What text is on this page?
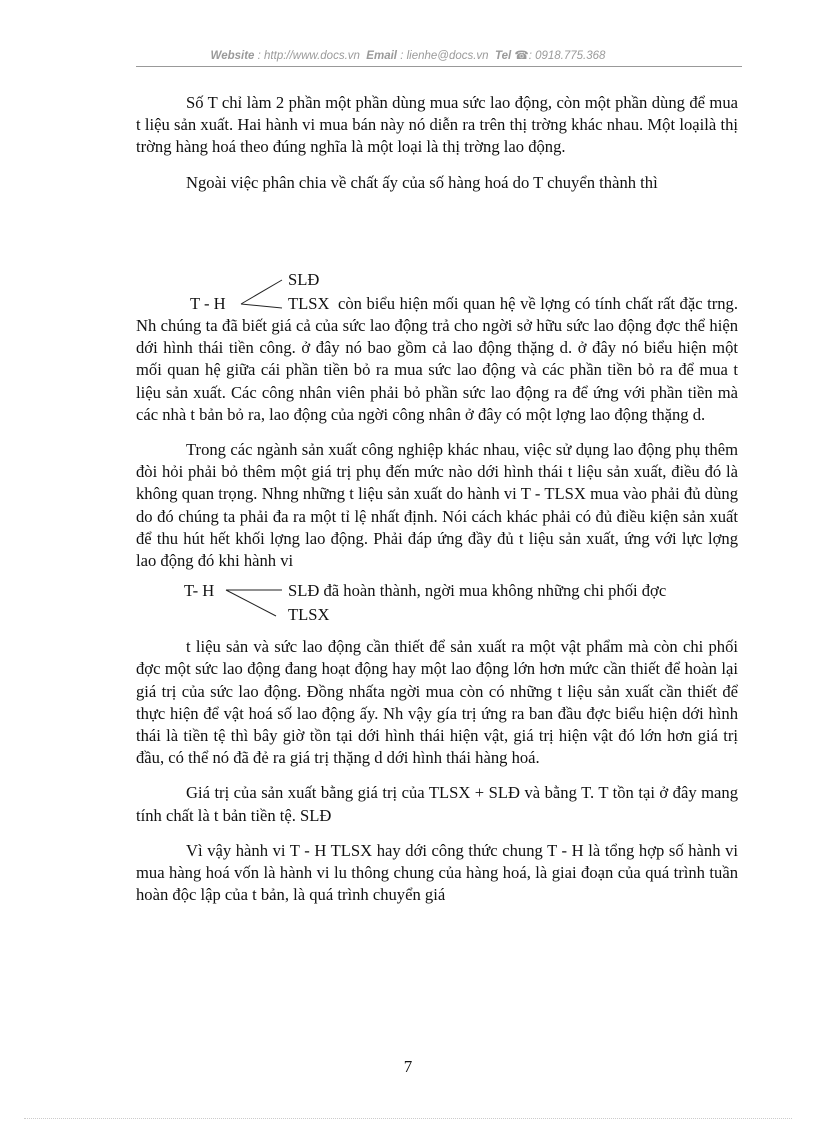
Website : http://www.docs.vn Email : lienhe@docs.vn Tel ☎: 0918.775.368

Số T chỉ làm 2 phần một phần dùng mua sức lao động, còn một phần dùng để mua t liệu sản xuất. Hai hành vi mua bán này nó diễn ra trên thị trờng khác nhau. Một loạilà thị trờng hàng hoá theo đúng nghĩa là một loại là thị trờng lao động.

Ngoài việc phân chia về chất ấy của số hàng hoá do T chuyển thành thì

SLĐ
T - H	TLSX còn biểu hiện mối quan hệ về lợng có tính chất rất đặc trng. Nh chúng ta đã biết giá cả của sức lao động trả cho ngời sở hữu sức lao động đợc thể hiện dới hình thái tiền công. ở đây nó bao gồm cả lao động thặng d. ở đây nó biểu hiện một mối quan hệ giữa cái phần tiền bỏ ra mua sức lao động và các phần tiền bỏ ra để mua t liệu sản xuất. Các công nhân viên phải bỏ phần sức lao động ra để ứng với phần tiền mà các nhà t bản bỏ ra, lao động của ngời công nhân ở đây có một lợng lao động thặng d.

Trong các ngành sản xuất công nghiệp khác nhau, việc sử dụng lao động phụ thêm đòi hỏi phải bỏ thêm một giá trị phụ đến mức nào dới hình thái t liệu sản xuất, điều đó là không quan trọng. Nhng những t liệu sản xuất do hành vi T - TLSX mua vào phải đủ dùng do đó chúng ta phải đa ra một tỉ lệ nhất định. Nói cách khác phải có đủ điều kiện sản xuất để thu hút hết khối lợng lao động. Phải đáp ứng đầy đủ t liệu sản xuất, ứng với lực lợng lao động đó khi hành vi

T- H	SLĐ đã hoàn thành, ngời mua không những chi phối đợc
TLSX

t liệu sản và sức lao động cần thiết để sản xuất ra một vật phẩm mà còn chi phối đợc một sức lao động đang hoạt động hay một lao động lớn hơn mức cần thiết để hoàn lại giá trị của sức lao động. Đồng nhấta ngời mua còn có những t liệu sản xuất cần thiết để thực hiện để vật hoá số lao động ấy. Nh vậy gía trị ứng ra ban đầu đợc biểu hiện dới hình thái là tiền tệ thì bây giờ tồn tại dới hình thái hiện vật, giá trị hiện vật đó lớn hơn giá trị đầu, có thể nó đã đẻ ra giá trị thặng d dới hình thái hàng hoá.

Giá trị của sản xuất bằng giá trị của TLSX + SLĐ và bằng T. T tồn tại ở đây mang tính chất là t bản tiền tệ. SLĐ

Vì vậy hành vi T - H TLSX hay dới công thức chung T - H là tổng hợp số hành vi mua hàng hoá vốn là hành vi lu thông chung của hàng hoá, là giai đoạn của quá trình tuần hoàn độc lập của t bản, là quá trình chuyển giá

7
